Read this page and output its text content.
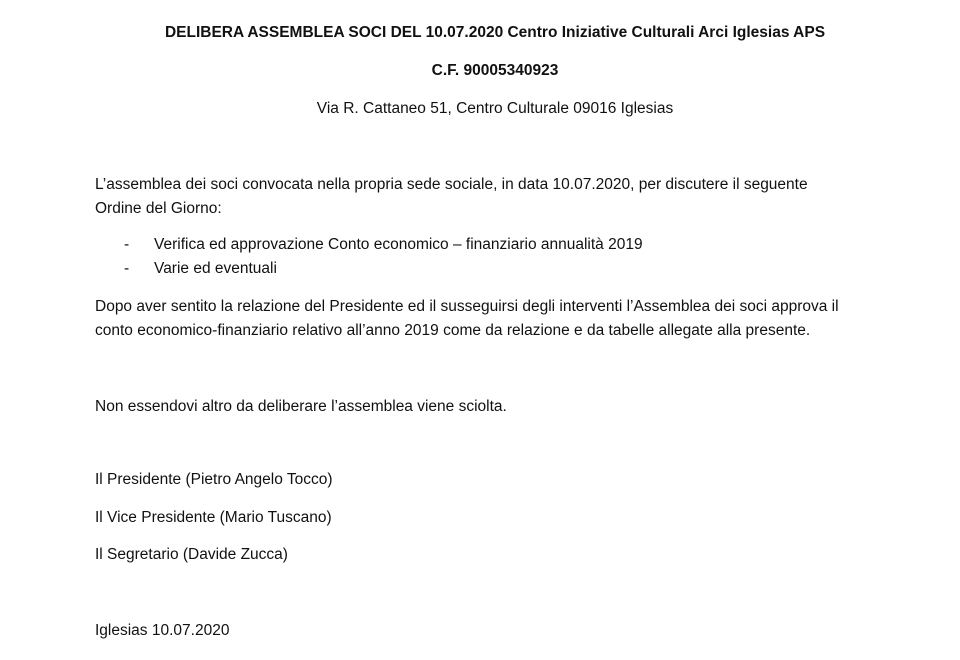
DELIBERA ASSEMBLEA SOCI DEL 10.07.2020 Centro Iniziative Culturali Arci Iglesias APS
C.F. 90005340923
Via R. Cattaneo 51, Centro Culturale 09016 Iglesias
L’assemblea dei soci convocata nella propria sede sociale, in data 10.07.2020, per discutere il seguente
Ordine del Giorno:
- Verifica ed approvazione Conto economico – finanziario annualità 2019
- Varie ed eventuali
Dopo aver sentito la relazione del Presidente ed il susseguirsi degli interventi l’Assemblea dei soci approva il
conto economico-finanziario relativo all’anno 2019 come da relazione e da tabelle allegate alla presente.
Non essendovi altro da deliberare l’assemblea viene sciolta.
Il Presidente (Pietro Angelo Tocco)
Il Vice Presidente (Mario Tuscano)
Il Segretario (Davide Zucca)
Iglesias 10.07.2020
